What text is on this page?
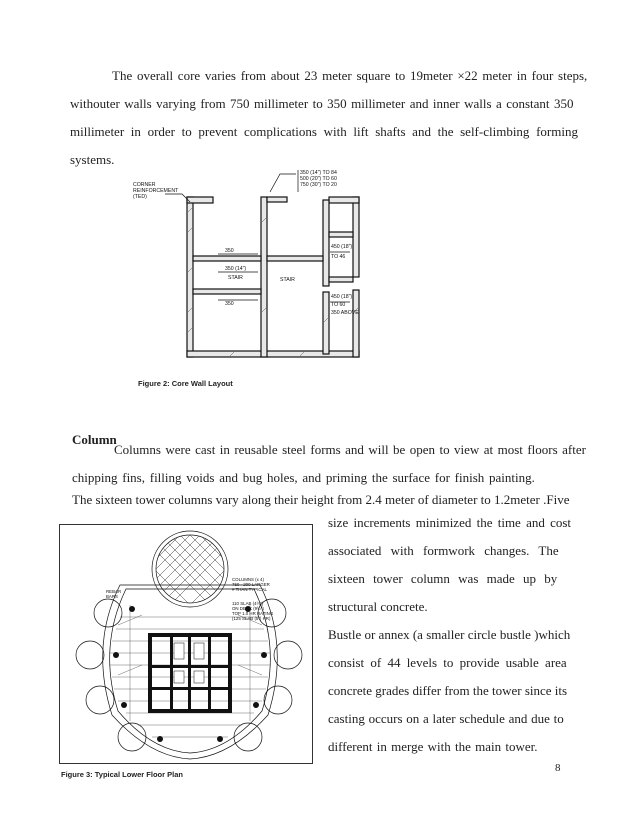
The overall core varies from about 23 meter square to 19meter ×22 meter in four steps,
withouter walls varying from 750 millimeter to 350 millimeter and inner walls a constant 350
millimeter in order to prevent complications with lift shafts and the self-climbing forming
systems.
CORNER
REINFORCEMENT
(TED)
350 (14") TO 84
500 (20") TO 60
750 (30") TO 20
350
350 (14")
STAIR
350
STAIR
450 (18")
TO 46
450 (18")
TO 60
350 ABOVE
Figure 2: Core Wall Layout
Column
Columns were cast in reusable steel forms and will be open to view at most floors after
chipping fins, filling voids and bug holes, and priming the surface for finish painting.
The sixteen tower columns vary along their height from 2.4 meter of diameter to 1.2meter .Five
size increments minimized the time and cost
associated with formwork changes. The
sixteen tower column was made up by
structural concrete.
Bustle or annex (a smaller circle bustle )which
consist of 44 levels to provide usable area
concrete grades differ from the tower since its
casting occurs on a later schedule and due to
different in merge with the main tower.
COLUMNS (x 4)
750 - 200 LARGER
# THAN TYPICAL
110 SLAB (4½")
ON DECK (9½")
TOP 1.0 HR RATING
(125 SLAB (5") HR)
REBAR
BARS
Figure 3: Typical Lower Floor Plan
8
